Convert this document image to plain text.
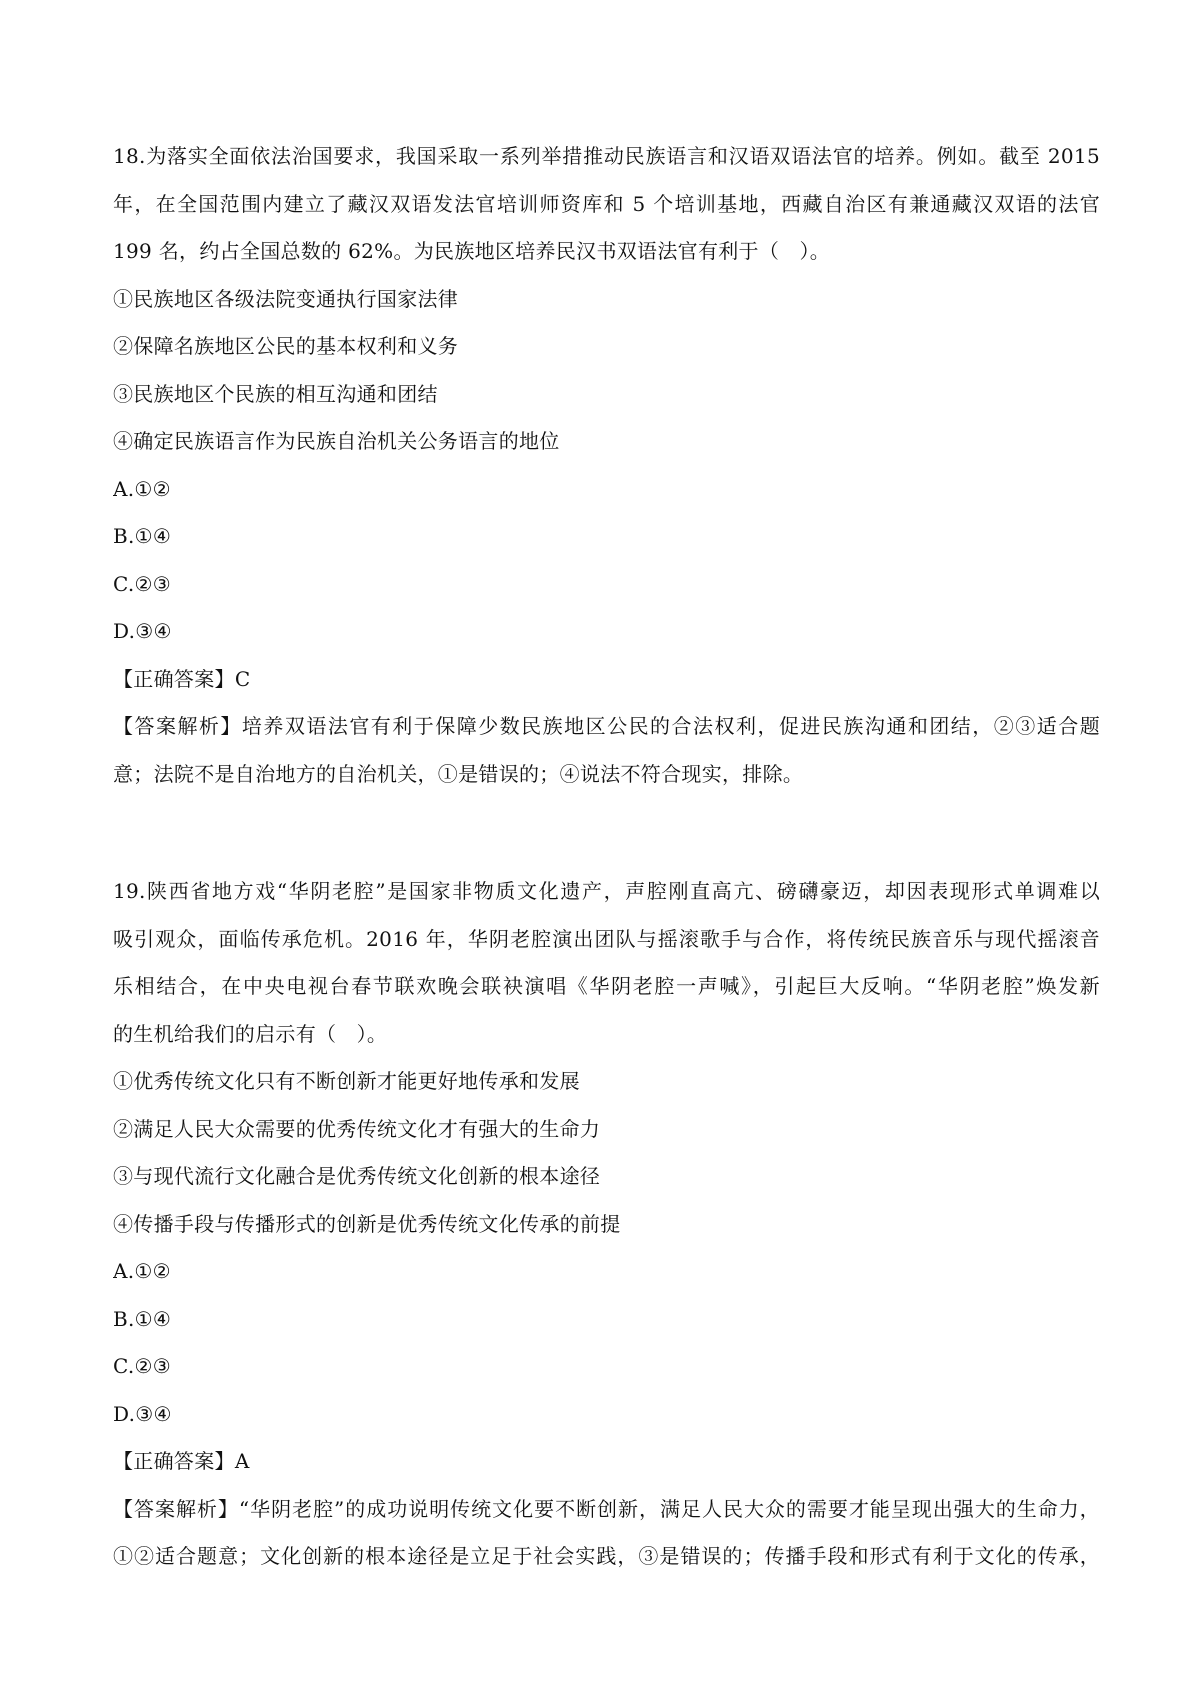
18.为落实全面依法治国要求，我国采取一系列举措推动民族语言和汉语双语法官的培养。例如。截至 2015
年，在全国范围内建立了藏汉双语发法官培训师资库和 5 个培训基地，西藏自治区有兼通藏汉双语的法官
199 名，约占全国总数的 62%。为民族地区培养民汉书双语法官有利于（　）。
①民族地区各级法院变通执行国家法律
②保障名族地区公民的基本权利和义务
③民族地区个民族的相互沟通和团结
④确定民族语言作为民族自治机关公务语言的地位
A.①②
B.①④
C.②③
D.③④
【正确答案】C
【答案解析】培养双语法官有利于保障少数民族地区公民的合法权利，促进民族沟通和团结，②③适合题
意；法院不是自治地方的自治机关，①是错误的；④说法不符合现实，排除。
19.陕西省地方戏“华阴老腔”是国家非物质文化遗产，声腔刚直高亢、磅礴豪迈，却因表现形式单调难以
吸引观众，面临传承危机。2016 年，华阴老腔演出团队与摇滚歌手与合作，将传统民族音乐与现代摇滚音
乐相结合，在中央电视台春节联欢晚会联袂演唱《华阴老腔一声喊》，引起巨大反响。“华阴老腔”焕发新
的生机给我们的启示有（　）。
①优秀传统文化只有不断创新才能更好地传承和发展
②满足人民大众需要的优秀传统文化才有强大的生命力
③与现代流行文化融合是优秀传统文化创新的根本途径
④传播手段与传播形式的创新是优秀传统文化传承的前提
A.①②
B.①④
C.②③
D.③④
【正确答案】A
【答案解析】“华阴老腔”的成功说明传统文化要不断创新，满足人民大众的需要才能呈现出强大的生命力，
①②适合题意；文化创新的根本途径是立足于社会实践，③是错误的；传播手段和形式有利于文化的传承，
